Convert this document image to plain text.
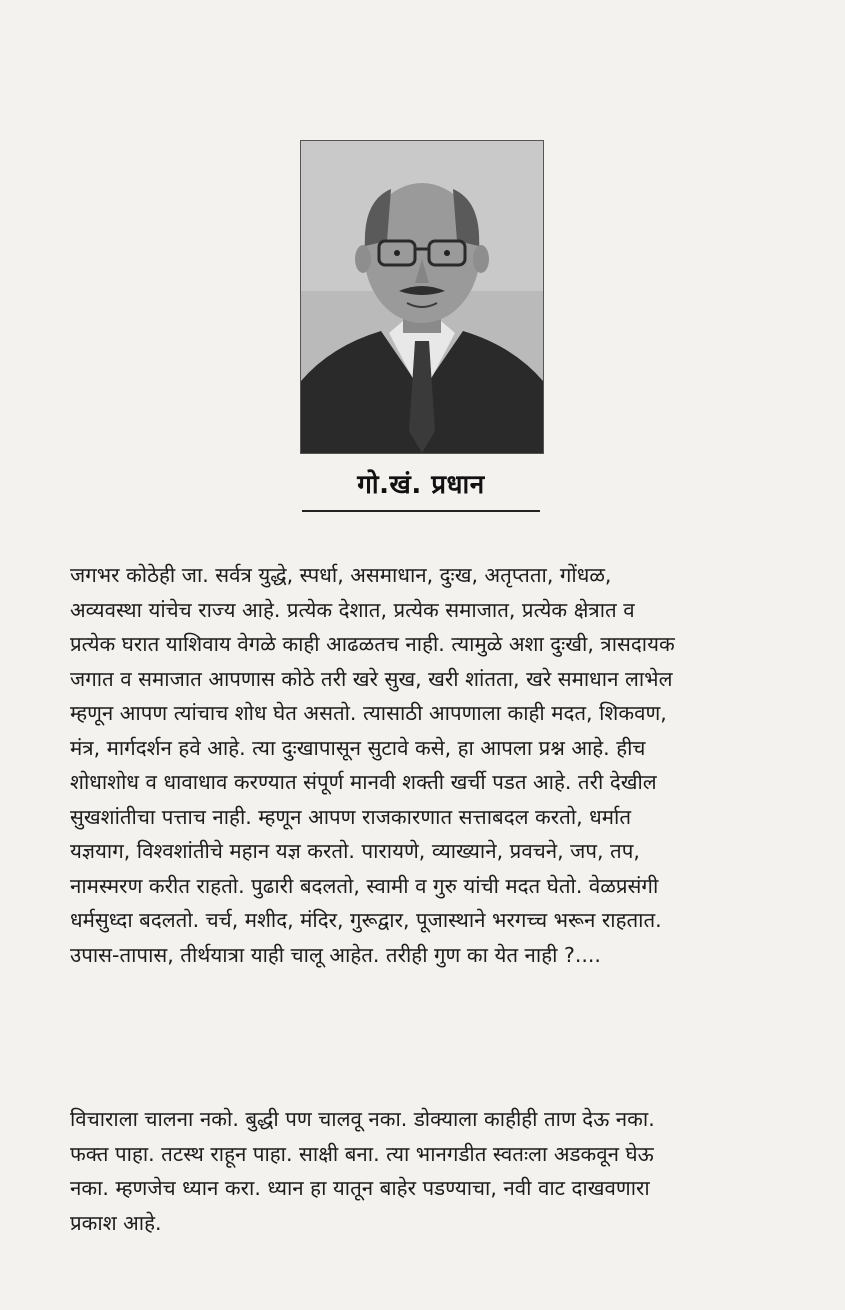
गो.खं. प्रधान
जगभर कोठेही जा. सर्वत्र युद्धे, स्पर्धा, असमाधान, दुःख, अतृप्तता, गोंधळ,
अव्यवस्था यांचेच राज्य आहे. प्रत्येक देशात, प्रत्येक समाजात, प्रत्येक क्षेत्रात व
प्रत्येक घरात याशिवाय वेगळे काही आढळतच नाही. त्यामुळे अशा दुःखी, त्रासदायक
जगात व समाजात आपणास कोठे तरी खरे सुख, खरी शांतता, खरे समाधान लाभेल
म्हणून आपण त्यांचाच शोध घेत असतो. त्यासाठी आपणाला काही मदत, शिकवण,
मंत्र, मार्गदर्शन हवे आहे. त्या दुःखापासून सुटावे कसे, हा आपला प्रश्न आहे. हीच
शोधाशोध व धावाधाव करण्यात संपूर्ण मानवी शक्ती खर्ची पडत आहे. तरी देखील
सुखशांतीचा पत्ताच नाही. म्हणून आपण राजकारणात सत्ताबदल करतो, धर्मात
यज्ञयाग, विश्वशांतीचे महान यज्ञ करतो. पारायणे, व्याख्याने, प्रवचने, जप, तप,
नामस्मरण करीत राहतो. पुढारी बदलतो, स्वामी व गुरु यांची मदत घेतो. वेळप्रसंगी
धर्मसुध्दा बदलतो. चर्च, मशीद, मंदिर, गुरूद्वार, पूजास्थाने भरगच्च भरून राहतात.
उपास-तापास, तीर्थयात्रा याही चालू आहेत. तरीही गुण का येत नाही ?....
विचाराला चालना नको. बुद्धी पण चालवू नका. डोक्याला काहीही ताण देऊ नका.
फक्त पाहा. तटस्थ राहून पाहा. साक्षी बना. त्या भानगडीत स्वतःला अडकवून घेऊ
नका. म्हणजेच ध्यान करा. ध्यान हा यातून बाहेर पडण्याचा, नवी वाट दाखवणारा
प्रकाश आहे.
